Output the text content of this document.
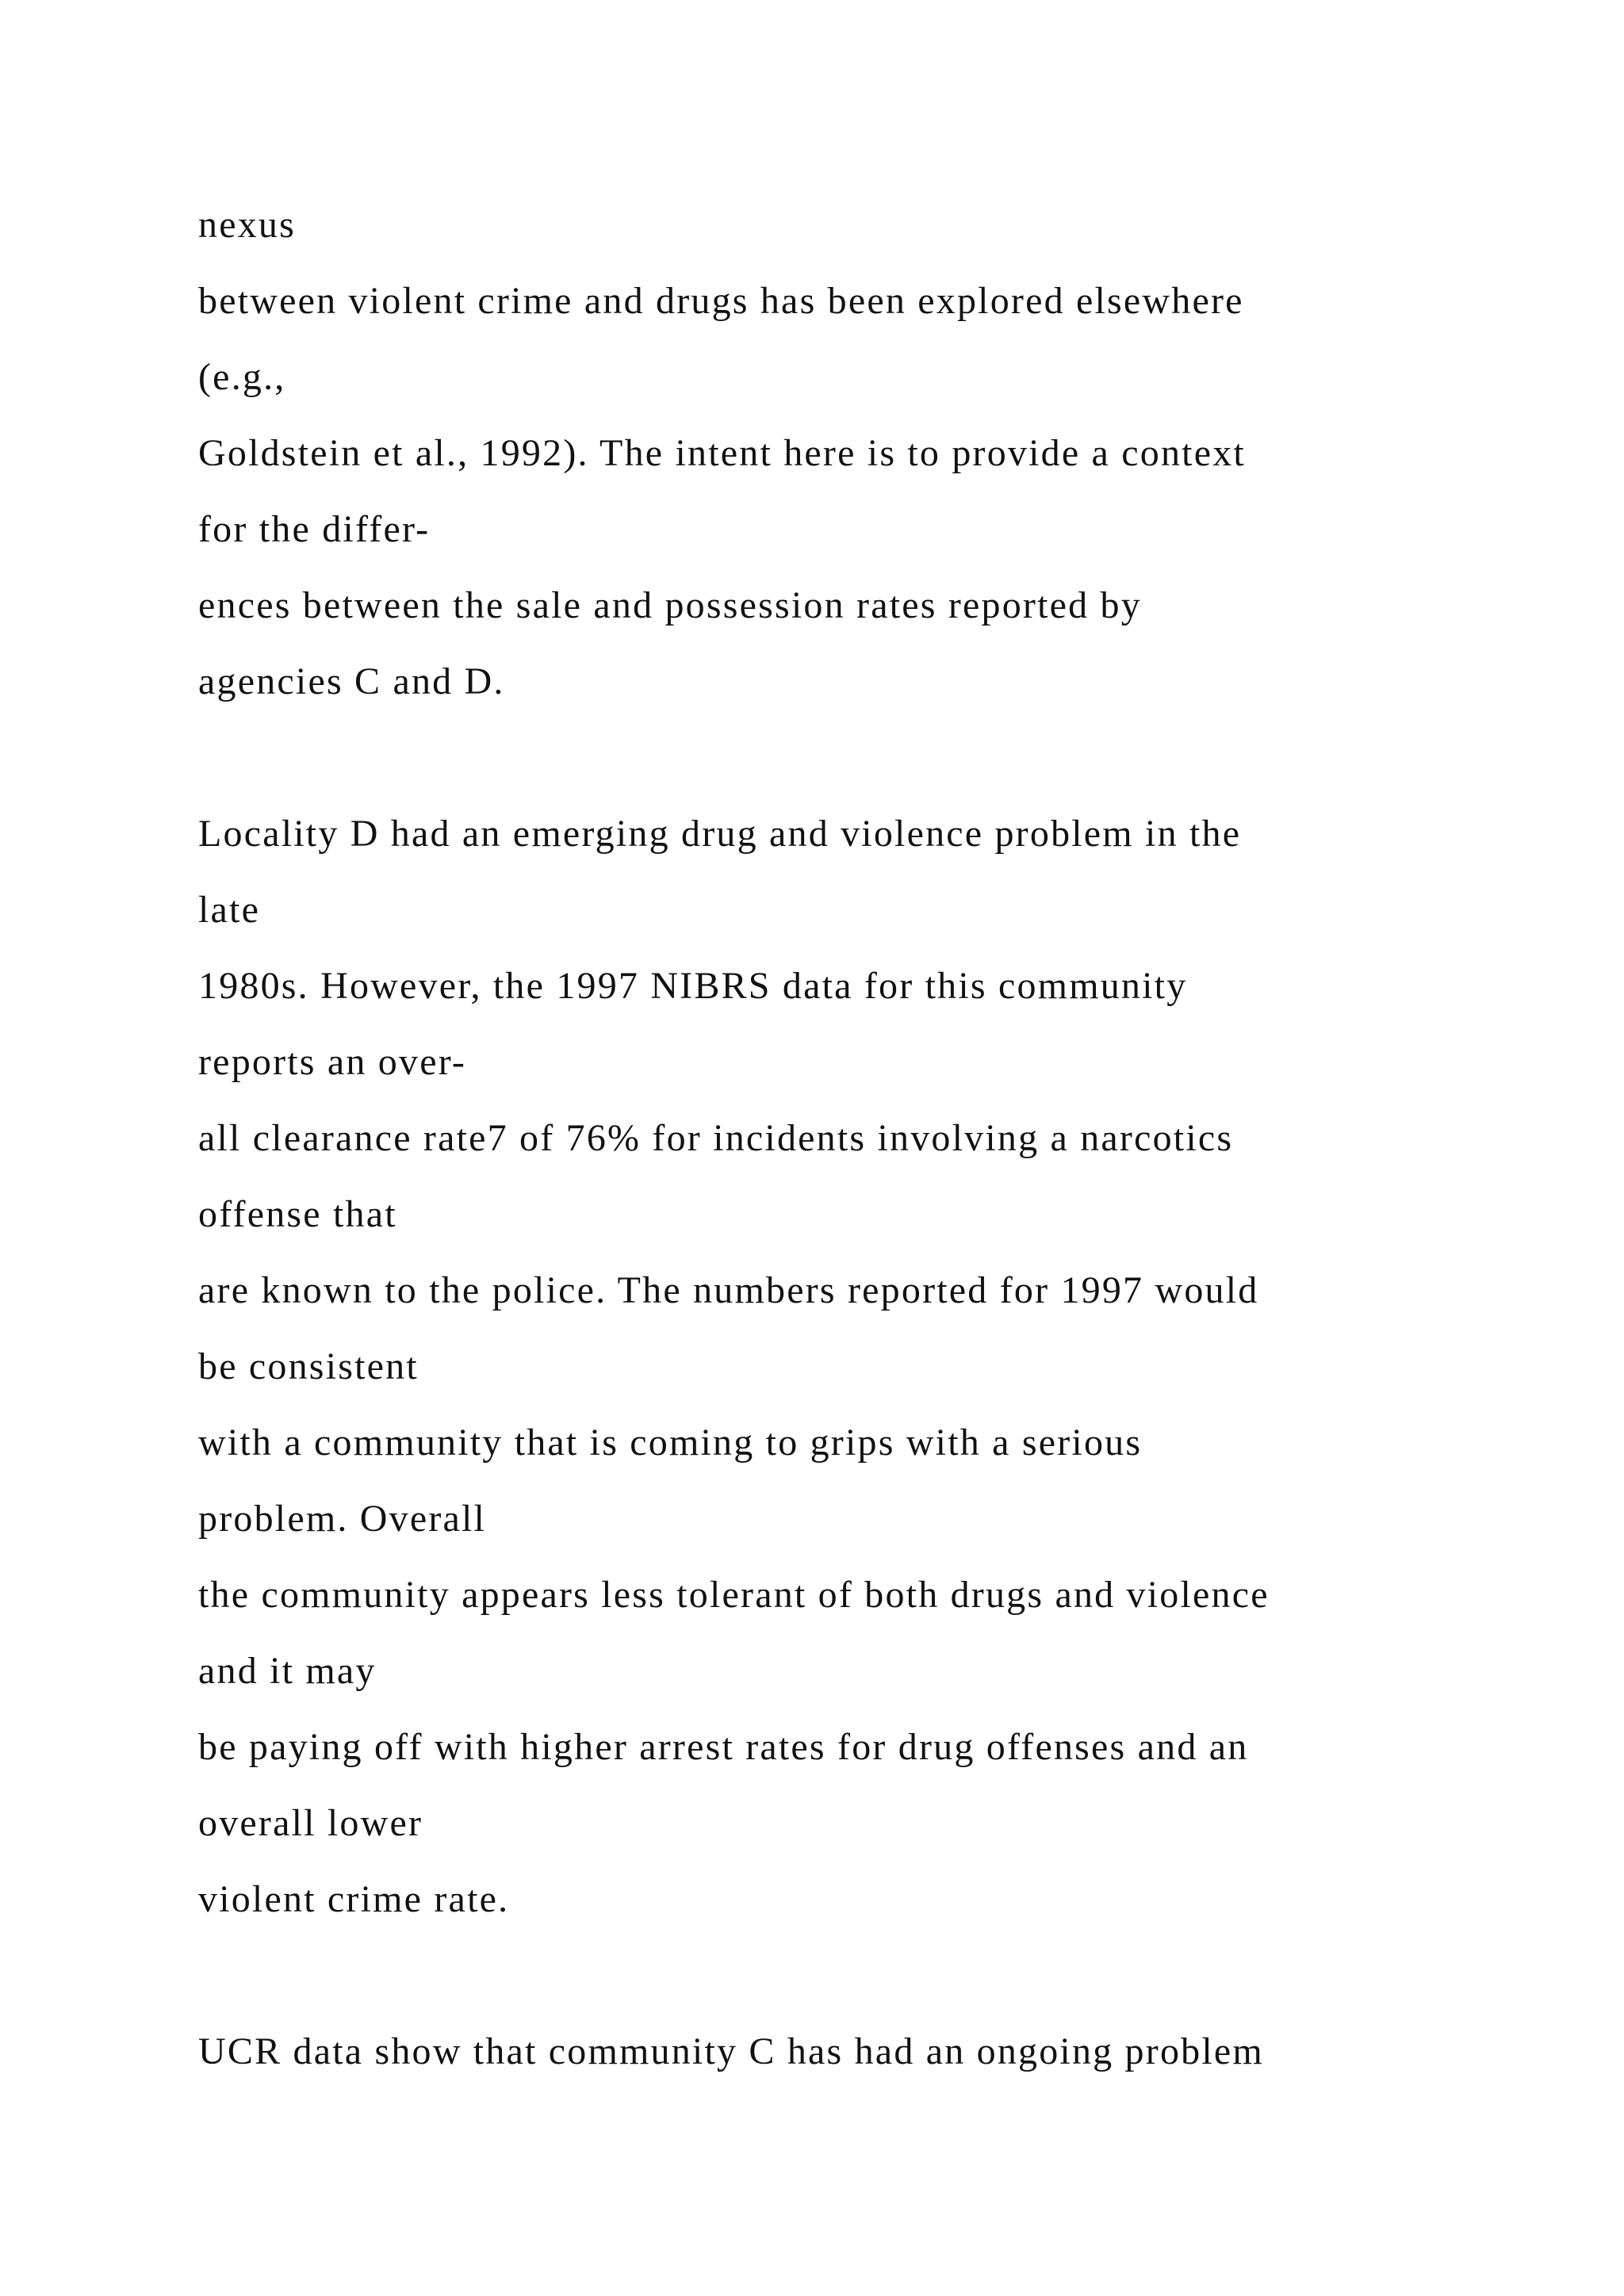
nexus

between violent crime and drugs has been explored elsewhere

(e.g.,

Goldstein et al., 1992). The intent here is to provide a context

for the differ-

ences between the sale and possession rates reported by

agencies C and D.

Locality D had an emerging drug and violence problem in the

late

1980s. However, the 1997 NIBRS data for this community

reports an over-

all clearance rate7 of 76% for incidents involving a narcotics

offense that

are known to the police. The numbers reported for 1997 would

be consistent

with a community that is coming to grips with a serious

problem. Overall

the community appears less tolerant of both drugs and violence

and it may

be paying off with higher arrest rates for drug offenses and an

overall lower

violent crime rate.

UCR data show that community C has had an ongoing problem
